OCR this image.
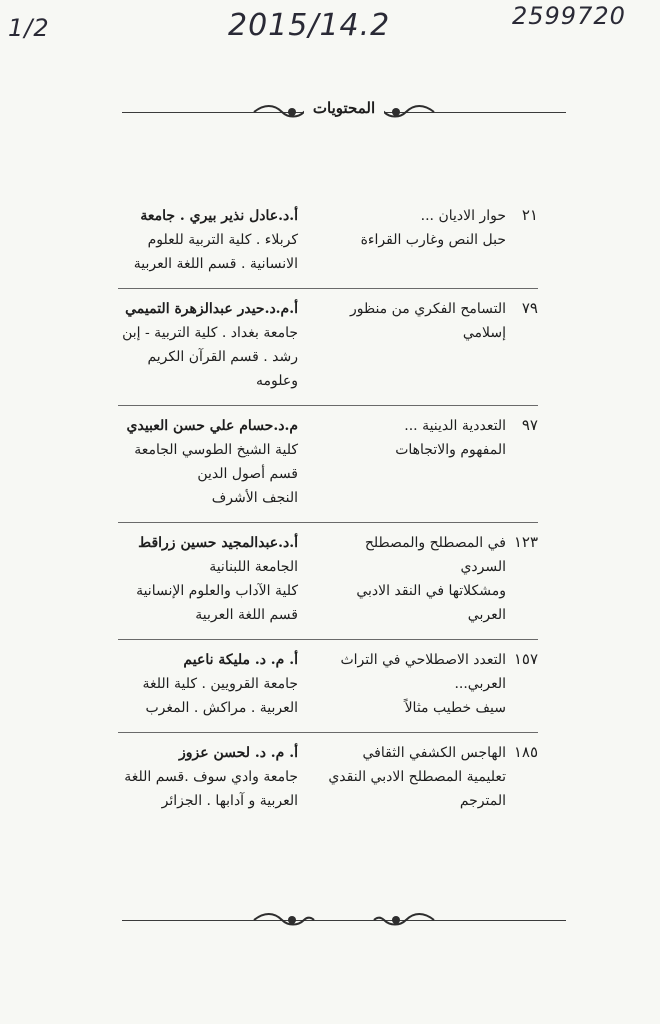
1/2	2015/14.2	2599720
المحتويات
٢١
حوار الاديان ...
حبل النص وغارب القراءة
أ.د.عادل نذير بيري . جامعة
كربلاء . كلية التربية للعلوم
الانسانية . قسم اللغة العربية
٧٩
التسامح الفكري من منظور
إسلامي
أ.م.د.حيدر عبدالزهرة التميمي
جامعة بغداد . كلية التربية - إبن
رشد . قسم القرآن الكريم وعلومه
٩٧
التعددية الدينية ...
المفهوم والاتجاهات
م.د.حسام علي حسن العبيدي
كلية الشيخ الطوسي الجامعة
قسم أصول الدين
النجف الأشرف
١٢٣
في المصطلح والمصطلح السردي
ومشكلاتها في النقد الادبي
العربي
أ.د.عبدالمجيد حسين زراقط
الجامعة اللبنانية
كلية الآداب والعلوم الإنسانية
قسم اللغة العربية
١٥٧
التعدد الاصطلاحي في التراث
العربي...
سيف خطيب مثالاً
أ. م. د. مليكة ناعيم
جامعة القرويين . كلية اللغة
العربية . مراكش . المغرب
١٨٥
الهاجس الكشفي الثقافي
تعليمية المصطلح الادبي النقدي
المترجم
أ. م. د. لحسن عزوز
جامعة وادي سوف .قسم اللغة
العربية و آدابها . الجزائر
